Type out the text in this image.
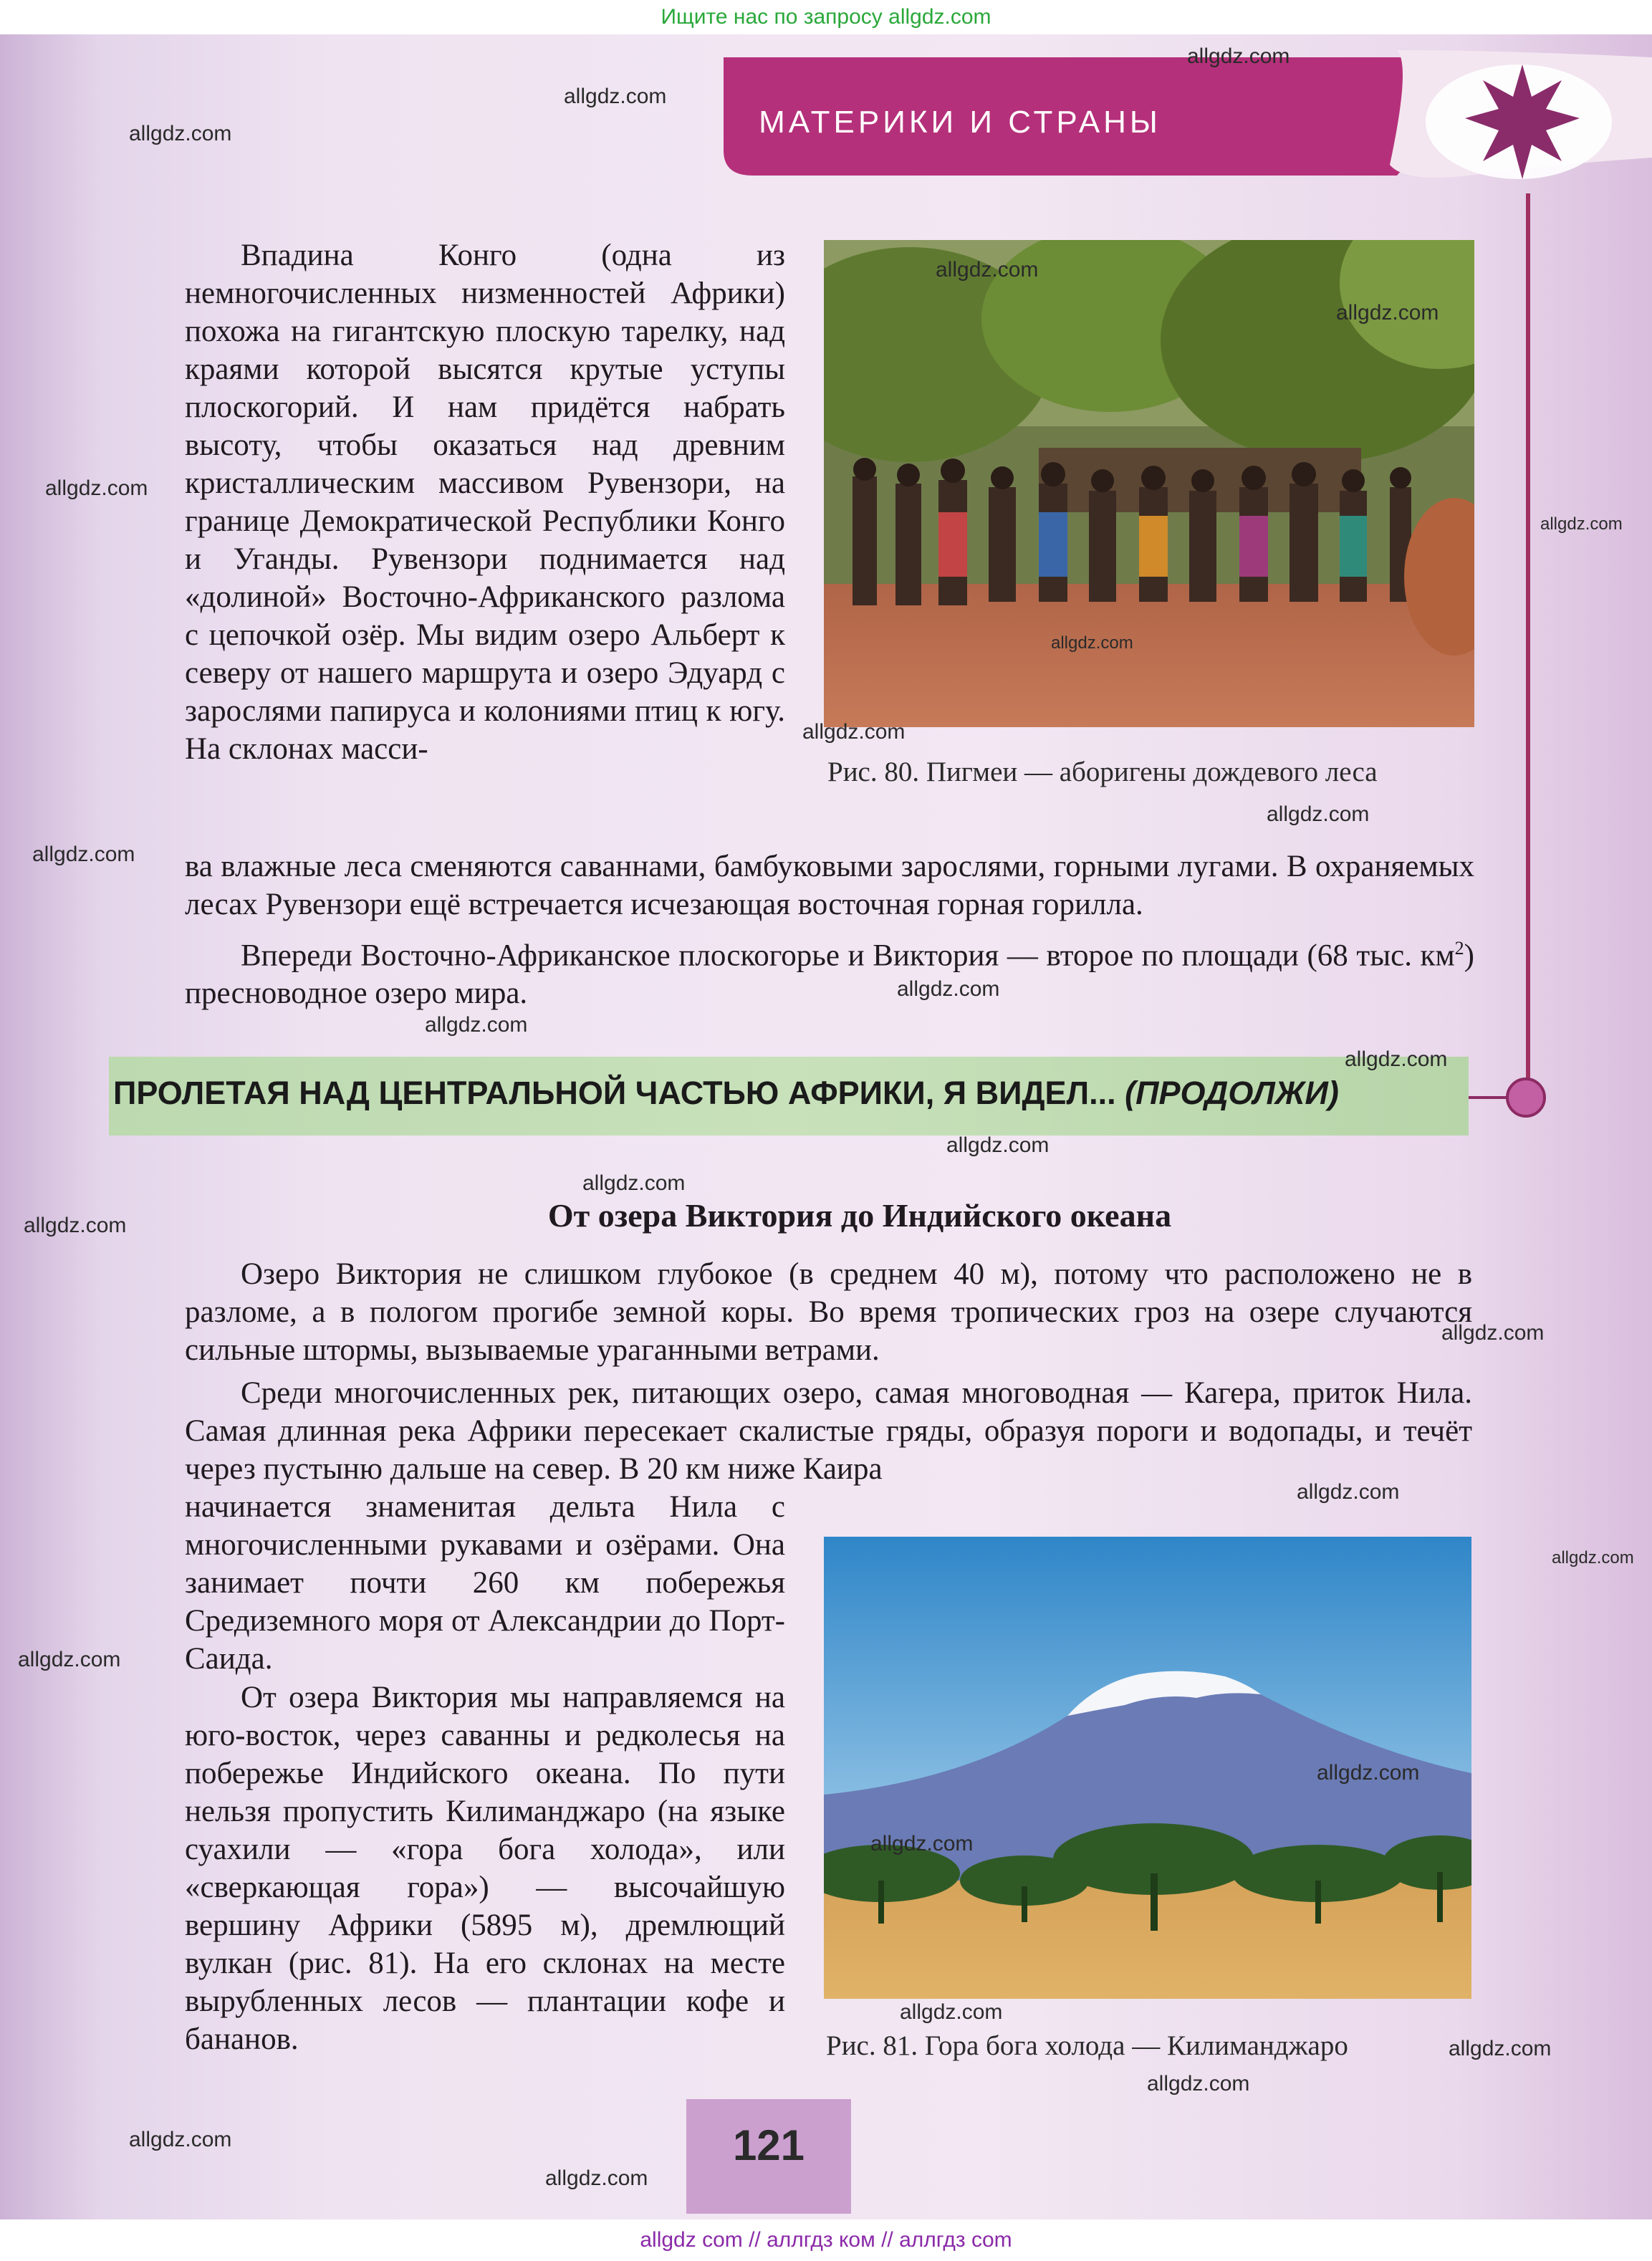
Ищите нас по запросу allgdz.com
МАТЕРИКИ И СТРАНЫ

Впадина Конго (одна из немногочисленных низменностей Африки) похожа на гигантскую плоскую тарелку, над краями которой высятся крутые уступы плоскогорий. И нам придётся набрать высоту, чтобы оказаться над древним кристаллическим массивом Рувензори, на границе Демократической Республики Конго и Уганды. Рувензори поднимается над «долиной» Восточно-Африканского разлома с цепочкой озёр. Мы видим озеро Альберт к северу от нашего маршрута и озеро Эдуард с зарослями папируса и колониями птиц к югу. На склонах масси-

ва влажные леса сменяются саваннами, бамбуковыми зарослями, горными лугами. В охраняемых лесах Рувензори ещё встречается исчезающая восточная горная горилла.

Впереди Восточно-Африканское плоскогорье и Виктория — второе по площади (68 тыс. $км^2$) пресноводное озеро мира.

Рис. 80. Пигмеи — аборигены дождевого леса
ПРОЛЕТАЯ НАД ЦЕНТРАЛЬНОЙ ЧАСТЬЮ АФРИКИ, Я ВИДЕЛ... (ПРОДОЛЖИ)
От озера Виктория до Индийского океана

Озеро Виктория не слишком глубокое (в среднем 40 м), потому что расположено не в разломе, а в пологом прогибе земной коры. Во время тропических гроз на озере случаются сильные штормы, вызываемые ураганными ветрами.

Среди многочисленных рек, питающих озеро, самая многоводная — Кагера, приток Нила. Самая длинная река Африки пересекает скалистые гряды, образуя пороги и водопады, и течёт через пустыню дальше на север. В 20 км ниже Каира

начинается знаменитая дельта Нила с многочисленными рукавами и озёрами. Она занимает почти 260 км побережья Средиземного моря от Александрии до Порт-Саида.

От озера Виктория мы направляемся на юго-восток, через саванны и редколесья на побережье Индийского океана. По пути нельзя пропустить Килиманджаро (на языке суахили — «гора бога холода», или «сверкающая гора») — высочайшую вершину Африки (5895 м), дремлющий вулкан (рис. 81). На его склонах на месте вырубленных лесов — плантации кофе и бананов.	Рис. 81. Гора бога холода — Килиманджаро
121
allgdz.com
allgdz.com
allgdz.com
allgdz.com
allgdz.com
allgdz.com
allgdz.com
allgdz.com
allgdz.com
allgdz.com
allgdz.com
allgdz.com
allgdz.com
allgdz.com
allgdz.com
allgdz.com
allgdz.com
allgdz.com
allgdz.com
allgdz.com
allgdz.com
allgdz.com
allgdz.com
allgdz.com
allgdz.com
allgdz.com
allgdz.com
allgdz.com
allgdz com // аллгдз ком // аллгдз com
